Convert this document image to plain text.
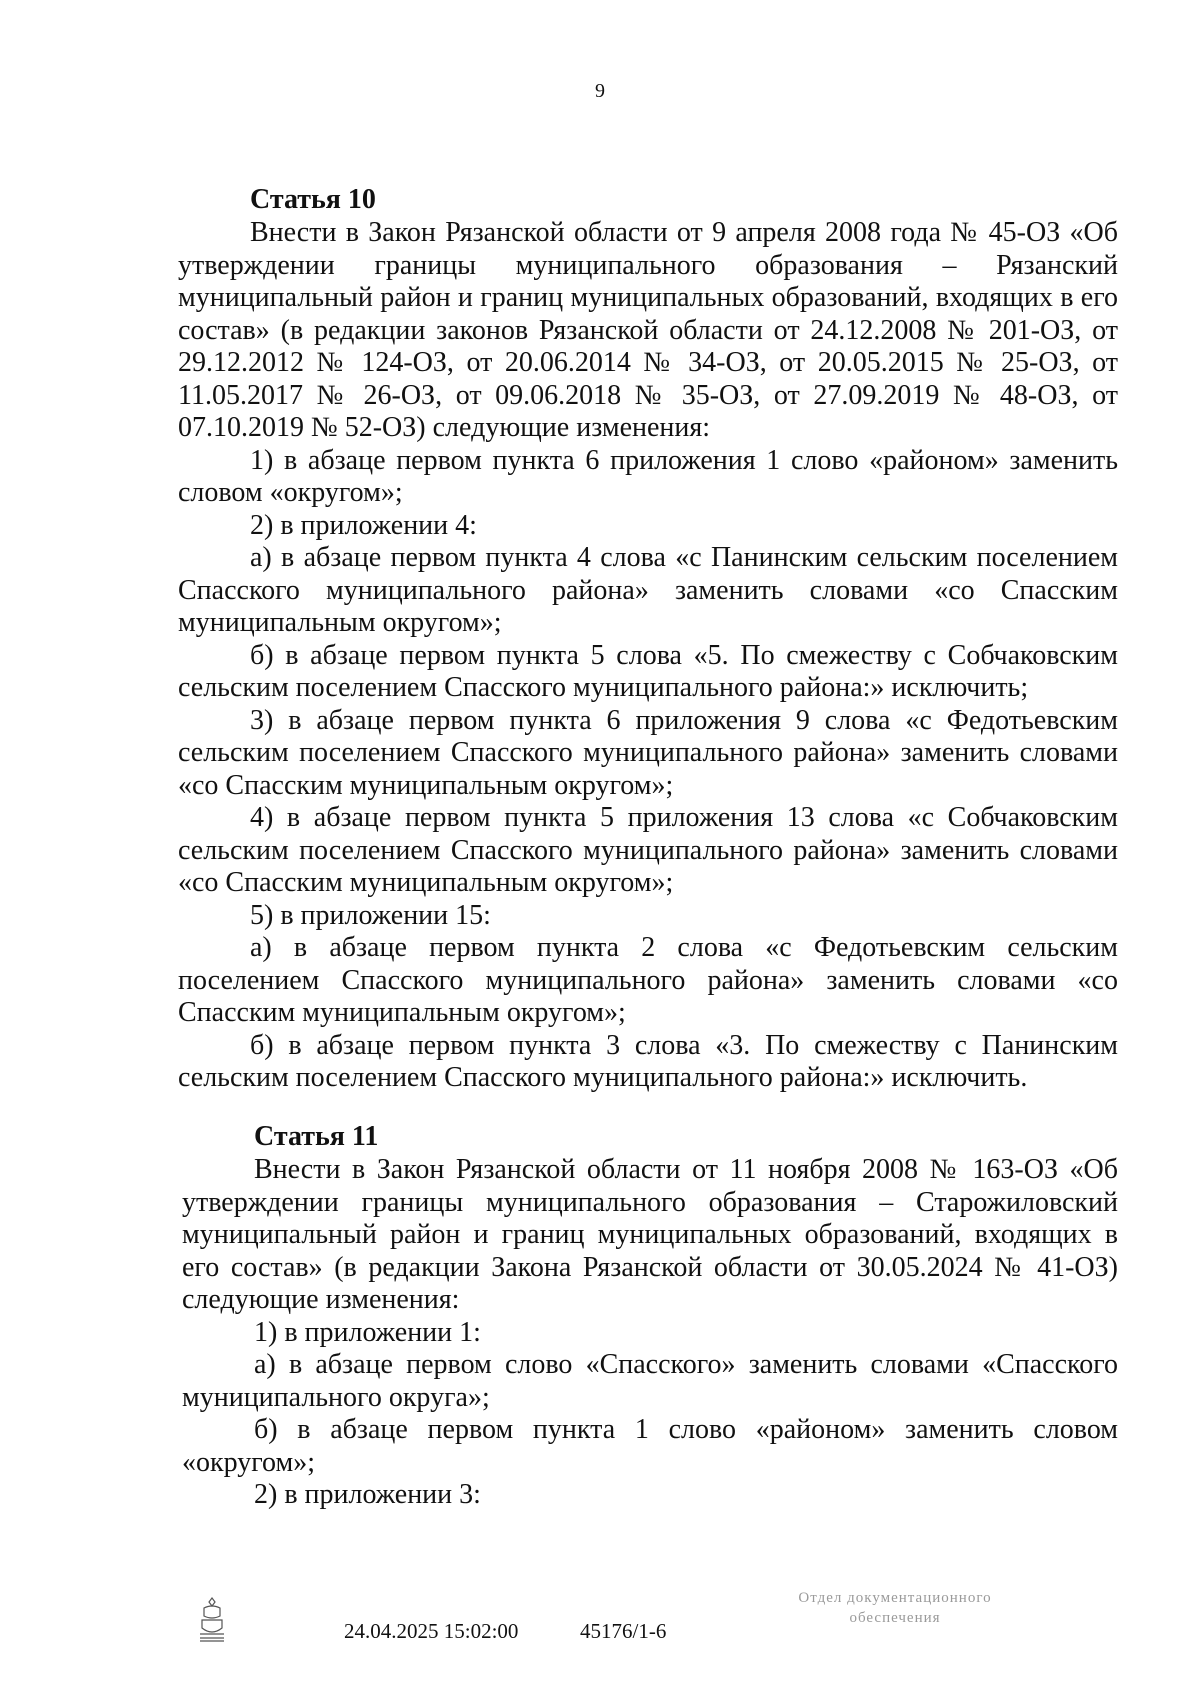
9

Статья 10

Внести в Закон Рязанской области от 9 апреля 2008 года № 45-ОЗ «Об утверждении границы муниципального образования – Рязанский муниципальный район и границ муниципальных образований, входящих в его состав» (в редакции законов Рязанской области от 24.12.2008 № 201-ОЗ, от 29.12.2012 № 124-ОЗ, от 20.06.2014 № 34-ОЗ, от 20.05.2015 № 25-ОЗ, от 11.05.2017 № 26-ОЗ, от 09.06.2018 № 35-ОЗ, от 27.09.2019 № 48-ОЗ, от 07.10.2019 № 52-ОЗ) следующие изменения:

1) в абзаце первом пункта 6 приложения 1 слово «районом» заменить словом «округом»;

2) в приложении 4:

а) в абзаце первом пункта 4 слова «с Панинским сельским поселением Спасского муниципального района» заменить словами «со Спасским муниципальным округом»;

б) в абзаце первом пункта 5 слова «5. По смежеству с Собчаковским сельским поселением Спасского муниципального района:» исключить;

3) в абзаце первом пункта 6 приложения 9 слова «с Федотьевским сельским поселением Спасского муниципального района» заменить словами «со Спасским муниципальным округом»;

4) в абзаце первом пункта 5 приложения 13 слова «с Собчаковским сельским поселением Спасского муниципального района» заменить словами «со Спасским муниципальным округом»;

5) в приложении 15:

а) в абзаце первом пункта 2 слова «с Федотьевским сельским поселением Спасского муниципального района» заменить словами «со Спасским муниципальным округом»;

б) в абзаце первом пункта 3 слова «3. По смежеству с Панинским сельским поселением Спасского муниципального района:» исключить.

Статья 11

Внести в Закон Рязанской области от 11 ноября 2008 № 163-ОЗ «Об утверждении границы муниципального образования – Старожиловский муниципальный район и границ муниципальных образований, входящих в его состав» (в редакции Закона Рязанской области от 30.05.2024 № 41-ОЗ) следующие изменения:

1) в приложении 1:

а) в абзаце первом слово «Спасского» заменить словами «Спасского муниципального округа»;

б) в абзаце первом пункта 1 слово «районом» заменить словом «округом»;

2) в приложении 3:

24.04.2025 15:02:00	45176/1-6
Отдел документационного
обеспечения
